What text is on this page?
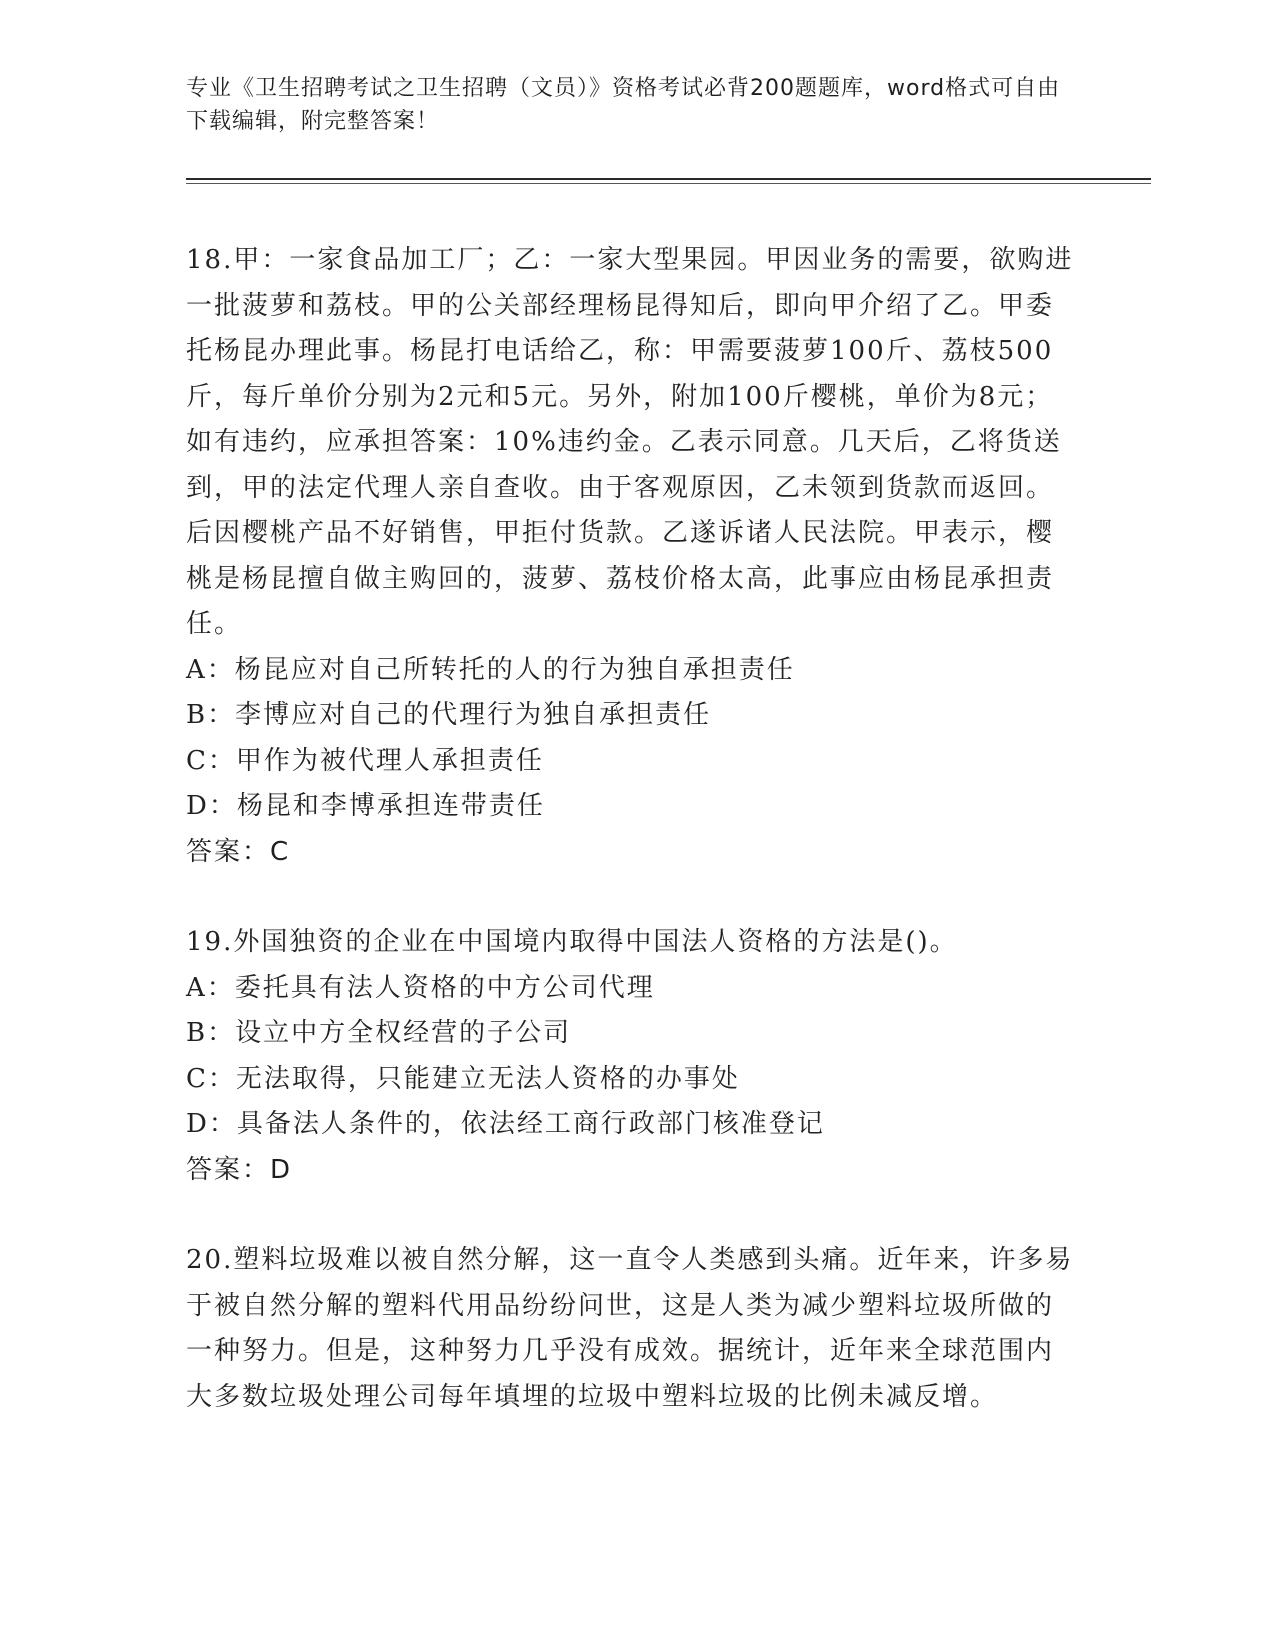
专业《卫生招聘考试之卫生招聘（文员）》资格考试必背200题题库，word格式可自由下载编辑，附完整答案！

18.甲：一家食品加工厂；乙：一家大型果园。甲因业务的需要，欲购进一批菠萝和荔枝。甲的公关部经理杨昆得知后，即向甲介绍了乙。甲委托杨昆办理此事。杨昆打电话给乙，称：甲需要菠萝100斤、荔枝500斤，每斤单价分别为2元和5元。另外，附加100斤樱桃，单价为8元；如有违约，应承担答案：10%违约金。乙表示同意。几天后，乙将货送到，甲的法定代理人亲自查收。由于客观原因，乙未领到货款而返回。后因樱桃产品不好销售，甲拒付货款。乙遂诉诸人民法院。甲表示，樱桃是杨昆擅自做主购回的，菠萝、荔枝价格太高，此事应由杨昆承担责任。

A：杨昆应对自己所转托的人的行为独自承担责任

B：李博应对自己的代理行为独自承担责任

C：甲作为被代理人承担责任

D：杨昆和李博承担连带责任

答案：C

19.外国独资的企业在中国境内取得中国法人资格的方法是()。

A：委托具有法人资格的中方公司代理

B：设立中方全权经营的子公司

C：无法取得，只能建立无法人资格的办事处

D：具备法人条件的，依法经工商行政部门核准登记

答案：D

20.塑料垃圾难以被自然分解，这一直令人类感到头痛。近年来，许多易于被自然分解的塑料代用品纷纷问世，这是人类为减少塑料垃圾所做的一种努力。但是，这种努力几乎没有成效。据统计，近年来全球范围内大多数垃圾处理公司每年填埋的垃圾中塑料垃圾的比例未减反增。
